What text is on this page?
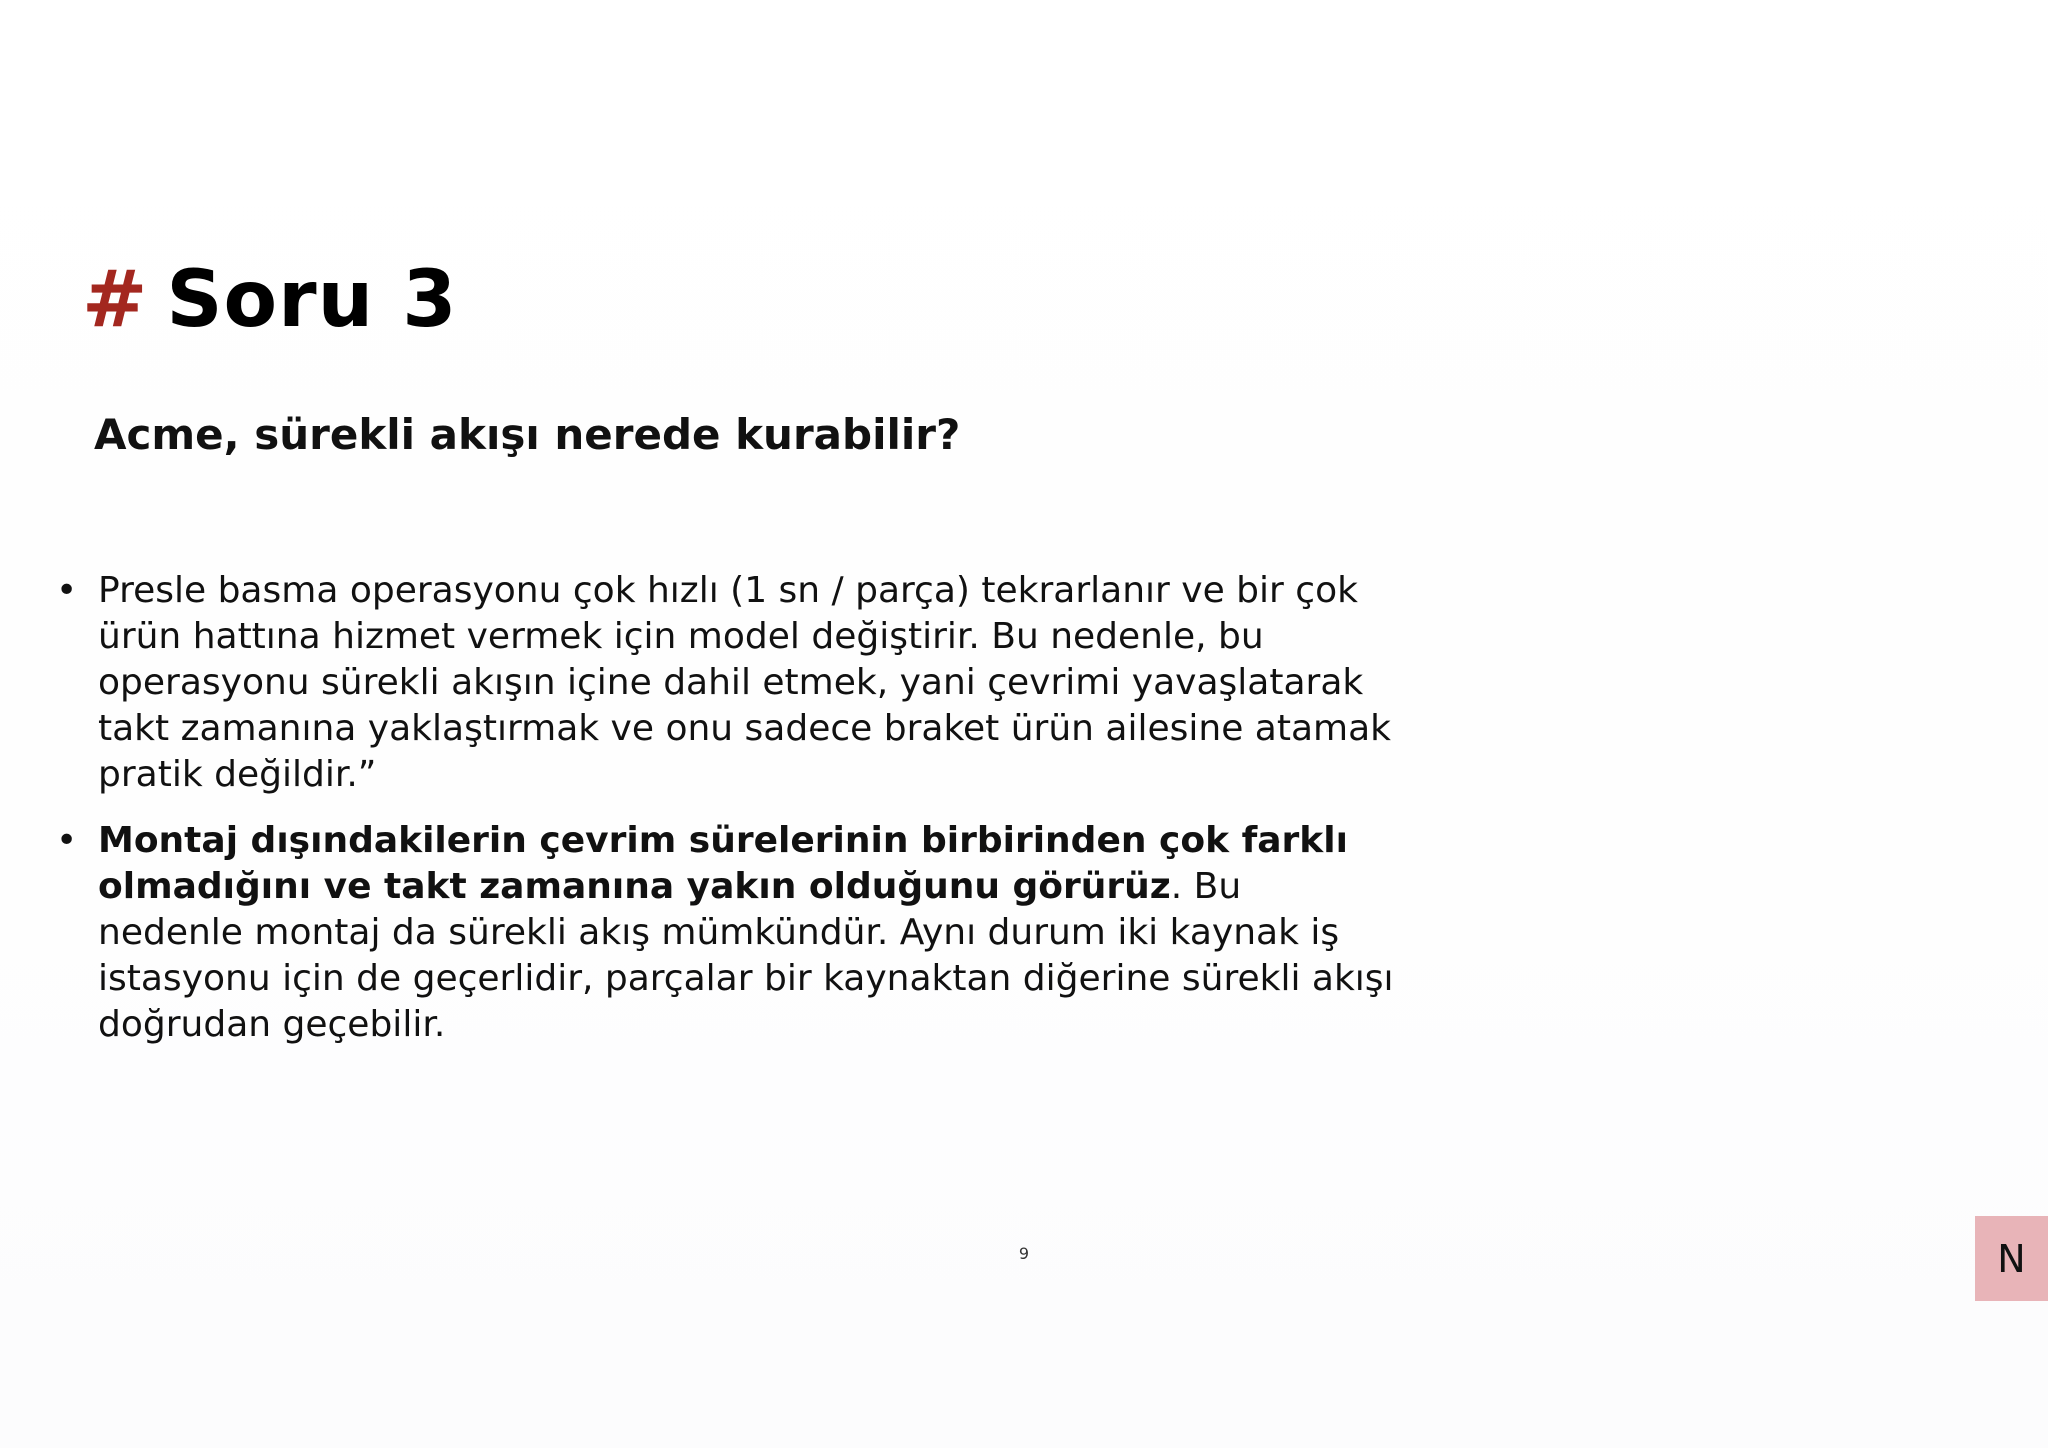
# Soru 3
Acme, sürekli akışı nerede kurabilir?
• Presle basma operasyonu çok hızlı (1 sn / parça) tekrarlanır ve bir çok ürün hattına hizmet vermek için model değiştirir. Bu nedenle, bu operasyonu sürekli akışın içine dahil etmek, yani çevrimi yavaşlatarak takt zamanına yaklaştırmak ve onu sadece braket ürün ailesine atamak pratik değildir.”
• Montaj dışındakilerin çevrim sürelerinin birbirinden çok farklı olmadığını ve takt zamanına yakın olduğunu görürüz. Bu nedenle montaj da sürekli akış mümkündür. Aynı durum iki kaynak iş istasyonu için de geçerlidir, parçalar bir kaynaktan diğerine sürekli akışı doğrudan geçebilir.
9	N
